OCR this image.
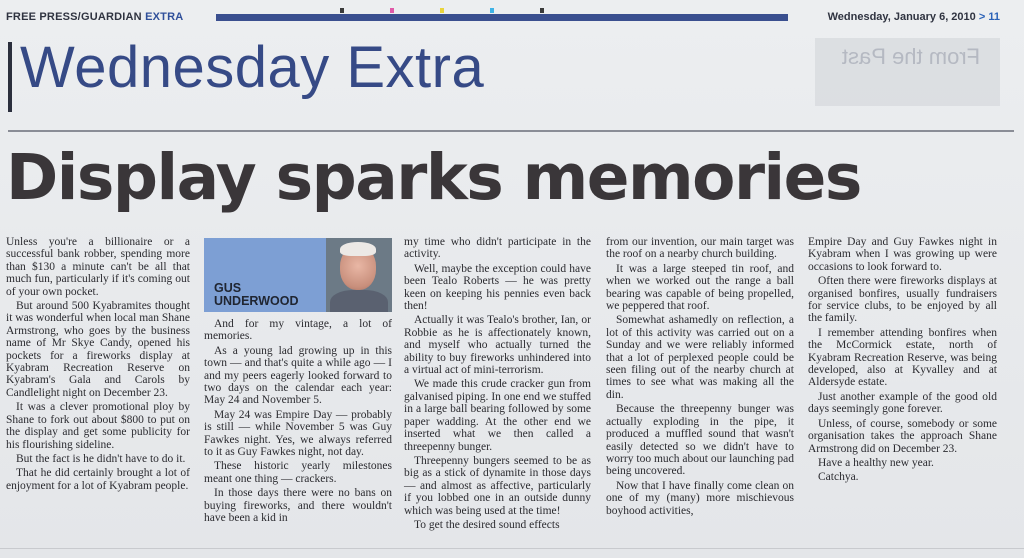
FREE PRESS/GUARDIAN EXTRA	Wednesday, January 6, 2010 > 11
From the Past
Wednesday Extra
Display sparks memories

Unless you're a billionaire or a successful bank robber, spending more than $130 a minute can't be all that much fun, particularly if it's coming out of your own pocket.

But around 500 Kyabramites thought it was wonderful when local man Shane Armstrong, who goes by the business name of Mr Skye Candy, opened his pockets for a fireworks display at Kyabram Recreation Reserve on Kyabram's Gala and Carols by Candlelight night on December 23.

It was a clever promotional ploy by Shane to fork out about $800 to put on the display and get some publicity for his flourishing sideline.

But the fact is he didn't have to do it.

That he did certainly brought a lot of enjoyment for a lot of Kyabram people.

GUS
UNDERWOOD

And for my vintage, a lot of memories.

As a young lad growing up in this town — and that's quite a while ago — I and my peers eagerly looked forward to two days on the calendar each year: May 24 and November 5.

May 24 was Empire Day — probably is still — while November 5 was Guy Fawkes night. Yes, we always referred to it as Guy Fawkes night, not day.

These historic yearly milestones meant one thing — crackers.

In those days there were no bans on buying fireworks, and there wouldn't have been a kid in

my time who didn't participate in the activity.

Well, maybe the exception could have been Tealo Roberts — he was pretty keen on keeping his pennies even back then!

Actually it was Tealo's brother, Ian, or Robbie as he is affectionately known, and myself who actually turned the ability to buy fireworks unhindered into a virtual act of mini-terrorism.

We made this crude cracker gun from galvanised piping. In one end we stuffed in a large ball bearing followed by some paper wadding. At the other end we inserted what we then called a threepenny bunger.

Threepenny bungers seemed to be as big as a stick of dynamite in those days — and almost as affective, particularly if you lobbed one in an outside dunny which was being used at the time!

To get the desired sound effects

from our invention, our main target was the roof on a nearby church building.

It was a large steeped tin roof, and when we worked out the range a ball bearing was capable of being propelled, we peppered that roof.

Somewhat ashamedly on reflection, a lot of this activity was carried out on a Sunday and we were reliably informed that a lot of perplexed people could be seen filing out of the nearby church at times to see what was making all the din.

Because the threepenny bunger was actually exploding in the pipe, it produced a muffled sound that wasn't easily detected so we didn't have to worry too much about our launching pad being uncovered.

Now that I have finally come clean on one of my (many) more mischievous boyhood activities,

Empire Day and Guy Fawkes night in Kyabram when I was growing up were occasions to look forward to.

Often there were fireworks displays at organised bonfires, usually fundraisers for service clubs, to be enjoyed by all the family.

I remember attending bonfires when the McCormick estate, north of Kyabram Recreation Reserve, was being developed, also at Kyvalley and at Aldersyde estate.

Just another example of the good old days seemingly gone forever.

Unless, of course, somebody or some organisation takes the approach Shane Armstrong did on December 23.

Have a healthy new year.

Catchya.
